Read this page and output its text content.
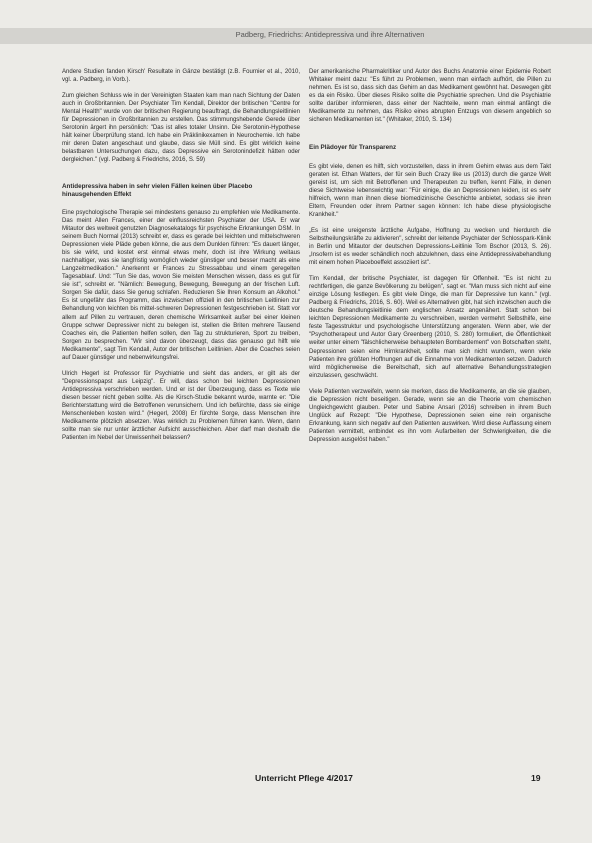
Padberg, Friedrichs: Antidepressiva und ihre Alternativen

Andere Studien fanden Kirsch' Resultate in Gänze bestätigt (z.B. Fournier et al., 2010, vgl. a. Padberg, in Vorb.).

Zum gleichen Schluss wie in der Vereinigten Staaten kam man nach Sichtung der Daten auch in Großbritannien. Der Psychiater Tim Kendall, Direktor der britischen "Centre for Mental Health" wurde von der britischen Regierung beauftragt, die Behandlungsleitlinien für Depressionen in Großbritannien zu erstellen. Das stimmungshebende Gerede über Serotonin ärgert ihn persönlich: "Das ist alles totaler Unsinn. Die Serotonin-Hypothese hält keiner Überprüfung stand. Ich habe ein Präklinikexamen in Neurochemie. Ich habe mir deren Daten angeschaut und glaube, dass sie Müll sind. Es gibt wirklich keine belastbaren Untersuchungen dazu, dass Depressive ein Serotonindefizit hätten oder dergleichen." (vgl. Padberg & Friedrichs, 2016, S. 59)

Antidepressiva haben in sehr vielen Fällen keinen über Placebo hinausgehenden Effekt

Eine psychologische Therapie sei mindestens genauso zu empfehlen wie Medikamente. Das meint Allen Frances, einer der einflussreichsten Psychiater der USA. Er war Mitautor des weltweit genutzten Diagnosekatalogs für psychische Erkrankungen DSM. In seinem Buch Normal (2013) schreibt er, dass es gerade bei leichten und mittelschweren Depressionen viele Pläde geben könne, die aus dem Dunklen führen: "Es dauert länger, bis sie wirkt, und kostet erst einmal etwas mehr, doch ist ihre Wirkung weitaus nachhaltiger, was sie langfristig womöglich wieder günstiger und besser macht als eine Langzeitmedikation." Anerkennt er Frances zu Stressabbau und einem geregelten Tagesablauf. Und: "Tun Sie das, wovon Sie meisten Menschen wissen, dass es gut für sie ist", schreibt er. "Nämlich: Bewegung, Bewegung, Bewegung an der frischen Luft. Sorgen Sie dafür, dass Sie genug schlafen. Reduzieren Sie Ihren Konsum an Alkohol." Es ist ungefähr das Programm, das inzwischen offiziell in den britischen Leitlinien zur Behandlung von leichten bis mittel-schweren Depressionen festgeschrieben ist. Statt vor allem auf Pillen zu vertrauen, deren chemische Wirksamkeit außer bei einer kleinen Gruppe schwer Depressiver nicht zu belegen ist, stellen die Briten mehrere Tausend Coaches ein, die Patienten helfen sollen, den Tag zu strukturieren, Sport zu treiben, Sorgen zu besprechen. "Wir sind davon überzeugt, dass das genauso gut hilft wie Medikamente", sagt Tim Kendall, Autor der britischen Leitlinien. Aber die Coaches seien auf Dauer günstiger und nebenwirkungsfrei.

Ulrich Hegerl ist Professor für Psychiatrie und sieht das anders, er gilt als der "Depressionspapst aus Leipzig". Er will, dass schon bei leichten Depressionen Antidepressiva verschrieben werden. Und er ist der Überzeugung, dass es Texte wie diesen besser nicht geben sollte. Als die Kirsch-Studie bekannt wurde, warnte er: "Die Berichterstattung wird die Betroffenen verunsichern. Und ich befürchte, dass sie einige Menschenleben kosten wird." (Hegerl, 2008) Er fürchte Sorge, dass Menschen ihre Medikamente plötzlich absetzen. Was wirklich zu Problemen führen kann. Wenn, dann sollte man sie nur unter ärztlicher Aufsicht ausschleichen. Aber darf man deshalb die Patienten im Nebel der Unwissenheit belassen?

Der amerikanische Pharmakritiker und Autor des Buchs Anatomie einer Epidemie Robert Whitaker meint dazu: "Es führt zu Problemen, wenn man einfach aufhört, die Pillen zu nehmen. Es ist so, dass sich das Gehirn an das Medikament gewöhnt hat. Deswegen gibt es da ein Risiko. Über dieses Risiko sollte die Psychiatrie sprechen. Und die Psychiatrie sollte darüber informieren, dass einer der Nachteile, wenn man einmal anfängt die Medikamente zu nehmen, das Risiko eines abrupten Entzugs von diesem angeblich so sicheren Medikamenten ist." (Whitaker, 2010, S. 134)

Ein Plädoyer für Transparenz

Es gibt viele, denen es hilft, sich vorzustellen, dass in ihrem Gehirn etwas aus dem Takt geraten ist. Ethan Watters, der für sein Buch Crazy like us (2013) durch die ganze Welt gereist ist, um sich mit Betroffenen und Therapeuten zu treffen, kennt Fälle, in denen diese Sichtweise lebenswichtig war: "Für einige, die an Depressionen leiden, ist es sehr hilfreich, wenn man ihnen diese biomedizinische Geschichte anbietet, sodass sie ihren Eltern, Freunden oder ihrem Partner sagen können: Ich habe diese physiologische Krankheit."

„Es ist eine ureigenste ärztliche Aufgabe, Hoffnung zu wecken und hierdurch die Selbstheilungskräfte zu aktivieren", schreibt der leitende Psychiater der Schlosspark-Klinik in Berlin und Mitautor der deutschen Depressions-Leitlinie Tom Bschor (2013, S. 26). „Insofern ist es weder schändlich noch abzulehnen, dass eine Antidepressivabehandlung mit einem hohen Placeboeffekt assoziiert ist".

Tim Kendall, der britische Psychiater, ist dagegen für Offenheit. "Es ist nicht zu rechtfertigen, die ganze Bevölkerung zu belügen", sagt er. "Man muss sich nicht auf eine einzige Lösung festlegen. Es gibt viele Dinge, die man für Depressive tun kann." (vgl. Padberg & Friedrichs, 2016, S. 60). Weil es Alternativen gibt, hat sich inzwischen auch die deutsche Behandlungsleitlinie dem englischen Ansatz angenähert. Statt schon bei leichten Depressionen Medikamente zu verschreiben, werden vermehrt Selbsthilfe, eine feste Tagesstruktur und psychologische Unterstützung angeraten. Wenn aber, wie der "Psychotherapeut und Autor Gary Greenberg (2010, S. 280) formuliert, die Öffentlichkeit weiter unter einem "fälschlicherweise behaupteten Bombardement" von Botschaften steht, Depressionen seien eine Hirnkrankheit, sollte man sich nicht wundern, wenn viele Patienten ihre größten Hoffnungen auf die Einnahme von Medikamenten setzen. Dadurch wird möglicherweise die Bereitschaft, sich auf alternative Behandlungsstrategien einzulassen, geschwächt.

Viele Patienten verzweifeln, wenn sie merken, dass die Medikamente, an die sie glauben, die Depression nicht beseitigen. Gerade, wenn sie an die Theorie vom chemischen Ungleichgewicht glauben. Peter und Sabine Ansari (2016) schreiben in ihrem Buch Unglück auf Rezept: "Die Hypothese, Depressionen seien eine rein organische Erkrankung, kann sich negativ auf den Patienten auswirken. Wird diese Auffassung einem Patienten vermittelt, entbindet es ihn vom Aufarbeiten der Schwierigkeiten, die die Depression ausgelöst haben."

Unterricht Pflege 4/2017	19
